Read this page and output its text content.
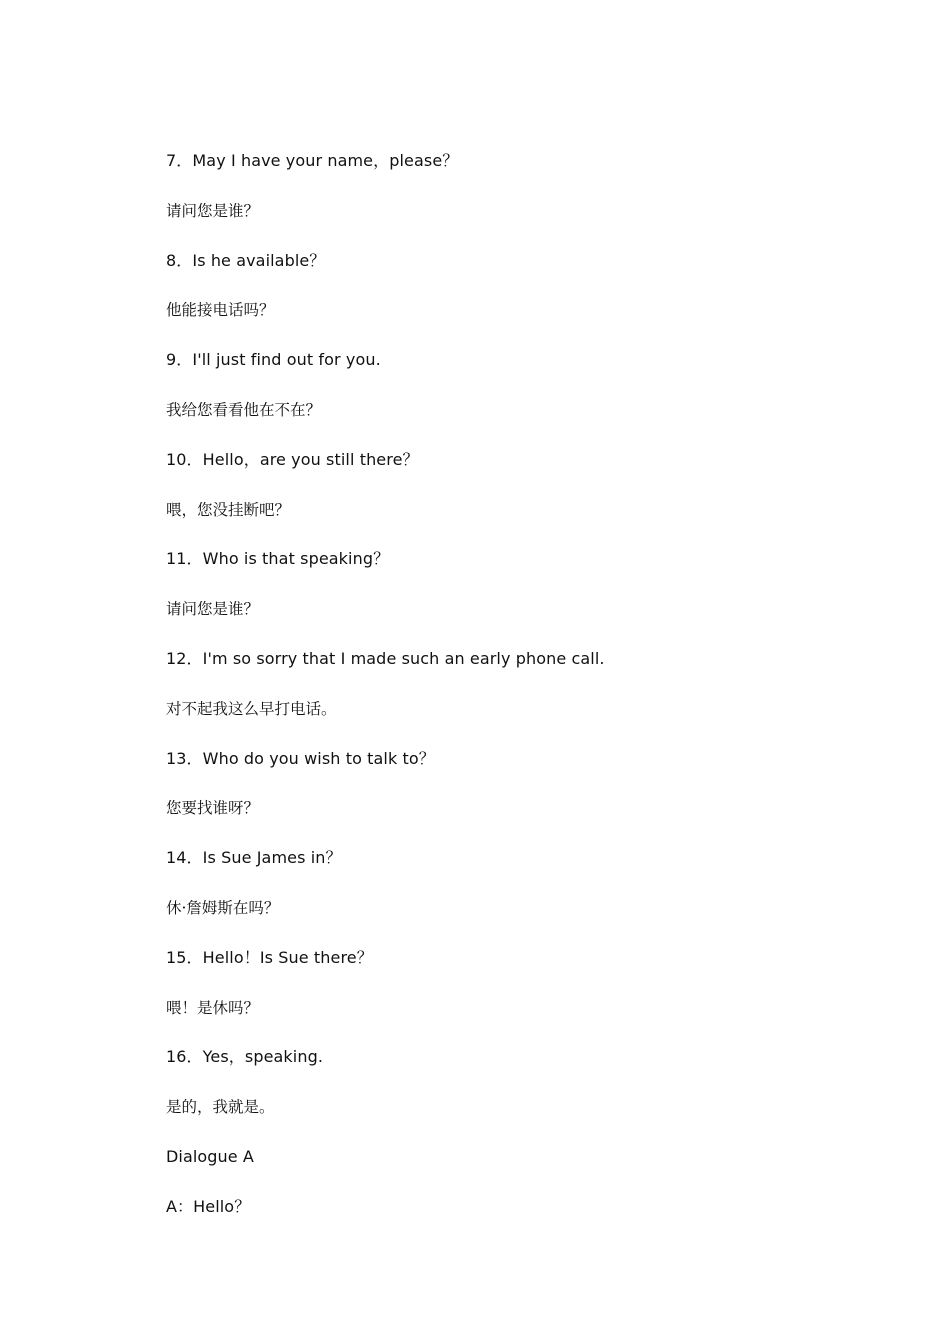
7．May I have your name，please？
请问您是谁？
8．Is he available？
他能接电话吗？
9．I'll just find out for you.
我给您看看他在不在？
10．Hello，are you still there？
喂，您没挂断吧？
11．Who is that speaking？
请问您是谁？
12．I'm so sorry that I made such an early phone call.
对不起我这么早打电话。
13．Who do you wish to talk to？
您要找谁呀？
14．Is Sue James in？
休·詹姆斯在吗？
15．Hello！Is Sue there？
喂！是休吗？
16．Yes，speaking.
是的，我就是。
Dialogue A
A：Hello？
